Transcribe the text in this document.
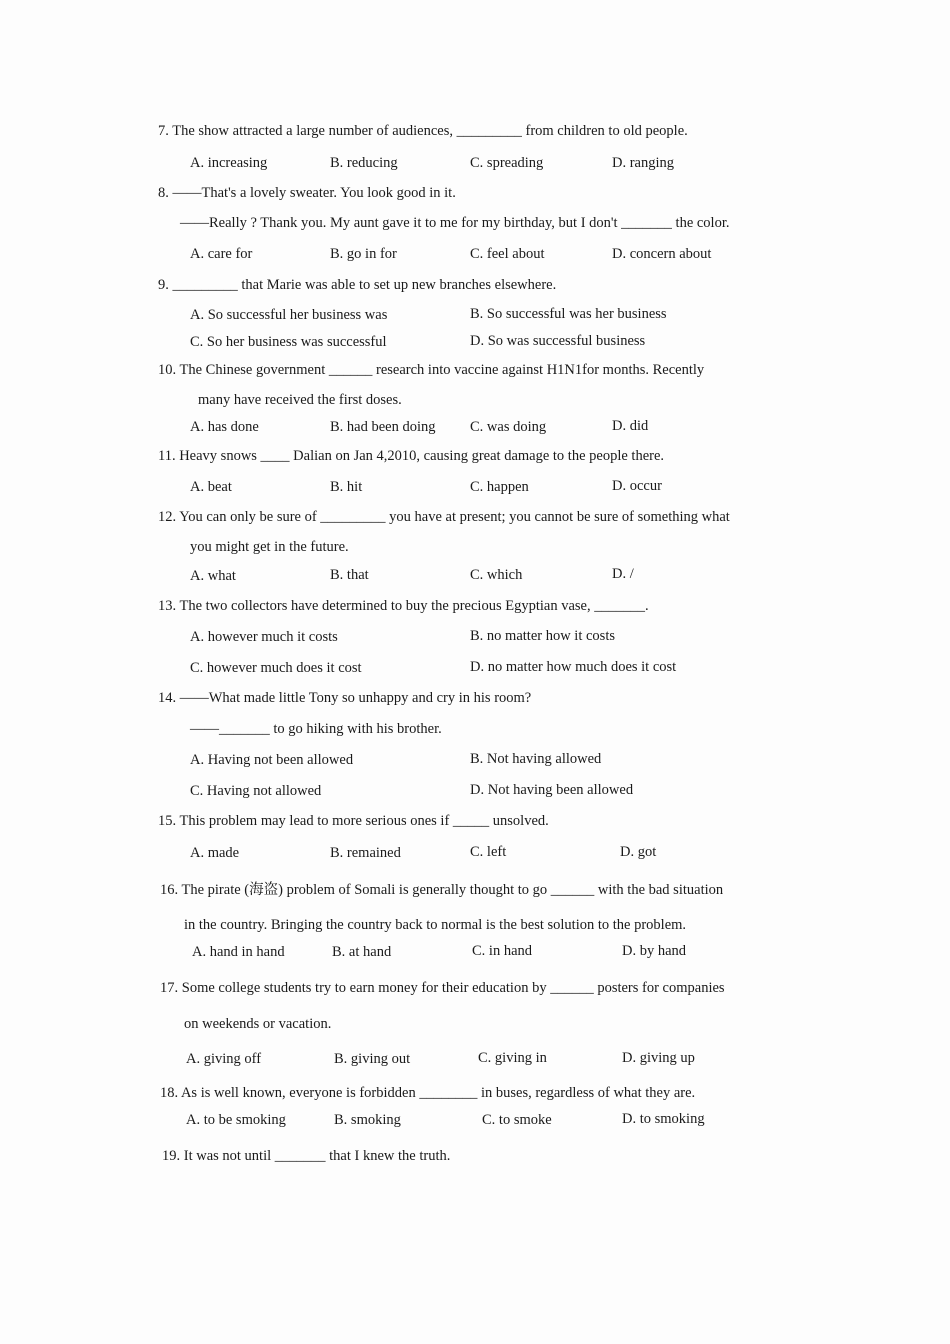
7. The show attracted a large number of audiences, _________ from children to old people.
A. increasing	B. reducing	C. spreading	D. ranging
8. ——That's a lovely sweater. You look good in it.
——Really ? Thank you. My aunt gave it to me for my birthday, but I don't _______ the color.
A. care for	B. go in for	C. feel about	D. concern about
9. _________ that Marie was able to set up new branches elsewhere.
A. So successful her business was	B. So successful was her business
C. So her business was successful	D. So was successful business
10. The Chinese government ______ research into vaccine against H1N1for months. Recently
many have received the first doses.
A. has done	B. had been doing C. was doing	D. did
11. Heavy snows ____ Dalian on Jan 4,2010, causing great damage to the people there.
A. beat	B. hit	C. happen	D. occur
12. You can only be sure of _________ you have at present; you cannot be sure of something what
you might get in the future.
A. what	B. that	C. which	D. /
13. The two collectors have determined to buy the precious Egyptian vase, _______.
A. however much it costs	B. no matter how it costs
C. however much does it cost	D. no matter how much does it cost
14. ——What made little Tony so unhappy and cry in his room?
——_______ to go hiking with his brother.
A. Having not been allowed	B. Not having allowed
C. Having not allowed	D. Not having been allowed
15. This problem may lead to more serious ones if _____ unsolved.
A. made	B. remained	C. left	D. got
16. The pirate (海盗) problem of Somali is generally thought to go ______ with the bad situation
in the country. Bringing the country back to normal is the best solution to the problem.
A. hand in hand	B. at hand	C. in hand	D. by hand
17. Some college students try to earn money for their education by ______ posters for companies
on weekends or vacation.
A. giving off	B. giving out	C. giving in	D. giving up
18. As is well known, everyone is forbidden ________ in buses, regardless of what they are.
A. to be smoking	B. smoking	C. to smoke	D. to smoking
19. It was not until _______ that I knew the truth.
